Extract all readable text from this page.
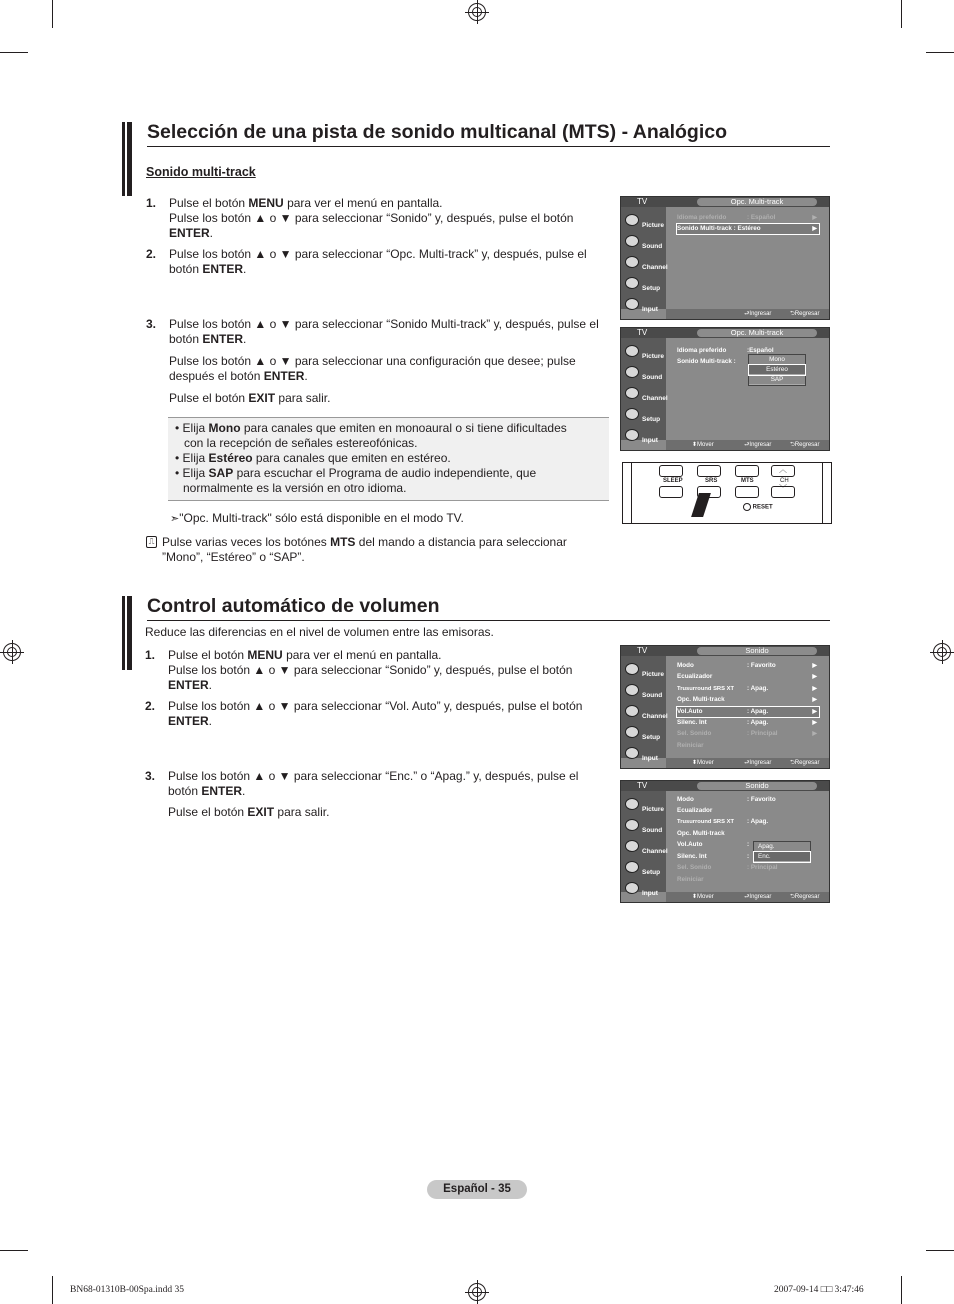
Selección de una pista de sonido multicanal (MTS) - Analógico
Sonido multi-track
1. Pulse el botón MENU para ver el menú en pantalla.
Pulse los botón ▲ o ▼ para seleccionar “Sonido” y, después, pulse el botón
ENTER.
2. Pulse los botón ▲ o ▼ para seleccionar “Opc. Multi-track” y, después, pulse el
botón ENTER.
3. Pulse los botón ▲ o ▼ para seleccionar “Sonido Multi-track” y, después, pulse el
botón ENTER.
Pulse los botón ▲ o ▼ para seleccionar una configuración que desee; pulse
después el botón ENTER.
Pulse el botón EXIT para salir.
• Elija Mono para canales que emiten en monoaural o si tiene dificultades
con la recepción de señales estereofónicas.
• Elija Estéreo para canales que emiten en estéreo.
• Elija SAP para escuchar el Programa de audio independiente, que
normalmente es la versión en otro idioma.
➣"Opc. Multi-track" sólo está disponible en el modo TV.
⎍ Pulse varias veces los botónes MTS del mando a distancia para seleccionar
”Mono”, “Estéreo” o “SAP”.
Control automático de volumen
Reduce las diferencias en el nivel de volumen entre las emisoras.
1. Pulse el botón MENU para ver el menú en pantalla.
Pulse los botón ▲ o ▼ para seleccionar “Sonido” y, después, pulse el botón
ENTER.
2. Pulse los botón ▲ o ▼ para seleccionar “Vol. Auto” y, después, pulse el botón
ENTER.
3. Pulse los botón ▲ o ▼ para seleccionar “Enc.” o “Apag.” y, después, pulse el
botón ENTER.
Pulse el botón EXIT para salir.
TV	Opc. Multi-track
Picture
Sound
Channel
Setup
Input
Idioma preferido	: Español	▶
Sonido Multi-track : Estéreo	▶
⮐ Ingresar	⮌ Regresar
TV	Opc. Multi-track
Picture
Sound
Channel
Setup
Input
Idioma preferido	:Español
Sonido Multi-track :	Mono
Estéreo
SAP
⬍ Mover	⮐ Ingresar	⮌ Regresar
︿
SLEEP	SRS	MTS	CH
﹀
RESET
TV	Sonido
Picture
Sound
Channel
Setup
Input
Modo	: Favorito	▶
Ecualizador	▶
Trusurround SRS XT : Apag.	▶
Opc. Multi-track	▶
Vol.Auto	: Apag.	▶
Silenc. Int	: Apag.	▶
Sel. Sonido	: Principal	▶
Reiniciar
⬍ Mover	⮐ Ingresar	⮌ Regresar
TV	Sonido
Picture
Sound
Channel
Setup
Input
Modo	: Favorito
Ecualizador
Trusurround SRS XT : Apag.
Opc. Multi-track
Vol.Auto	:
Silenc. Int	:
Sel. Sonido	: Principal
Reiniciar
Apag.
Enc.
⬍ Mover	⮐ Ingresar	⮌ Regresar
Español - 35
BN68-01310B-00Spa.indd 35	2007-09-14 □□ 3:47:46
